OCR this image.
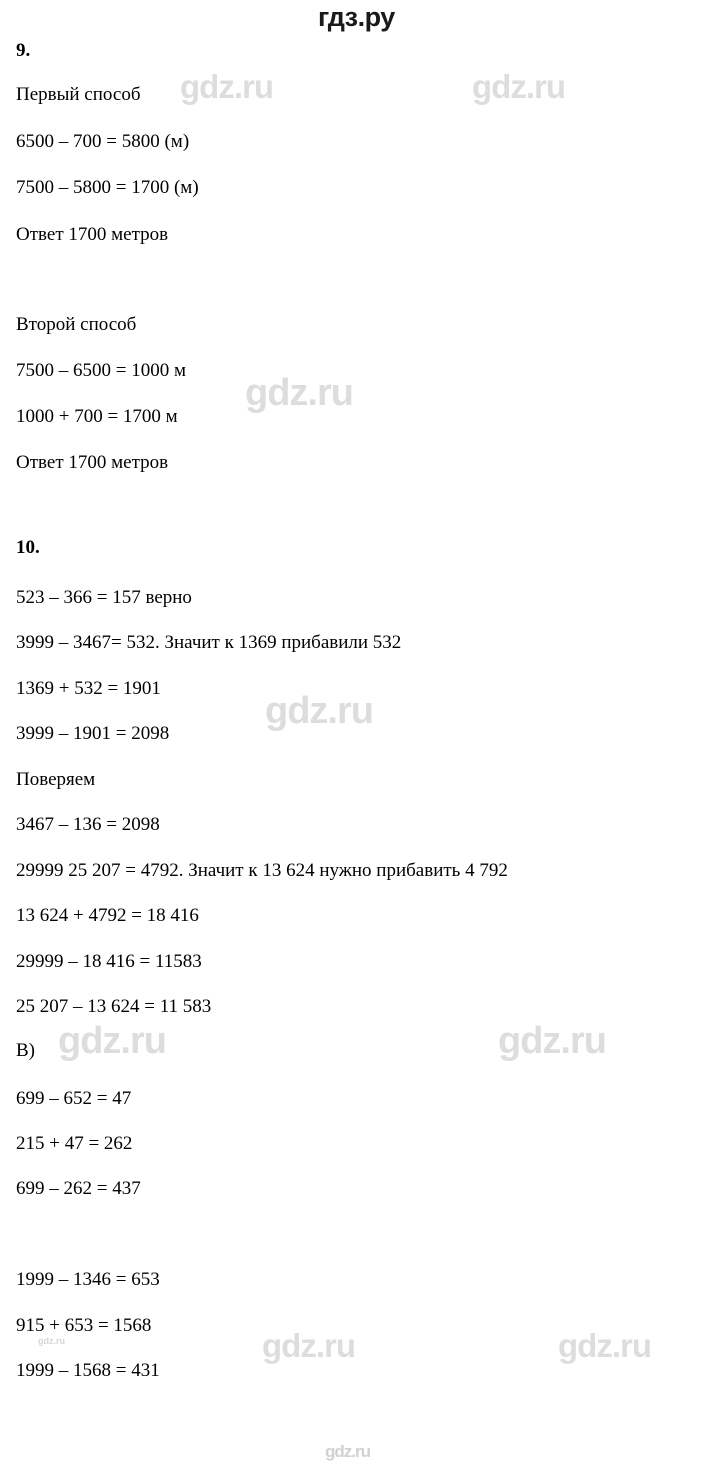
гдз.ру
gdz.ru	gdz.ru
gdz.ru
gdz.ru
gdz.ru	gdz.ru
gdz.ru	gdz.ru	gdz.ru
gdz.ru
9.
Первый способ
6500 – 700 = 5800 (м)
7500 – 5800 = 1700 (м)
Ответ 1700 метров
Второй способ
7500 – 6500 = 1000 м
1000 + 700 = 1700 м
Ответ 1700 метров
10.
523 – 366 = 157 верно
3999 – 3467= 532. Значит к 1369 прибавили 532
1369 + 532 = 1901
3999 – 1901 = 2098
Поверяем
3467 – 136 = 2098
29999 25 207 = 4792. Значит к 13 624 нужно прибавить 4 792
13 624 + 4792 = 18 416
29999 – 18 416 = 11583
25 207 – 13 624 = 11 583
В)
699 – 652 = 47
215 + 47 = 262
699 – 262 = 437
1999 – 1346 = 653
915 + 653 = 1568
1999 – 1568 = 431
